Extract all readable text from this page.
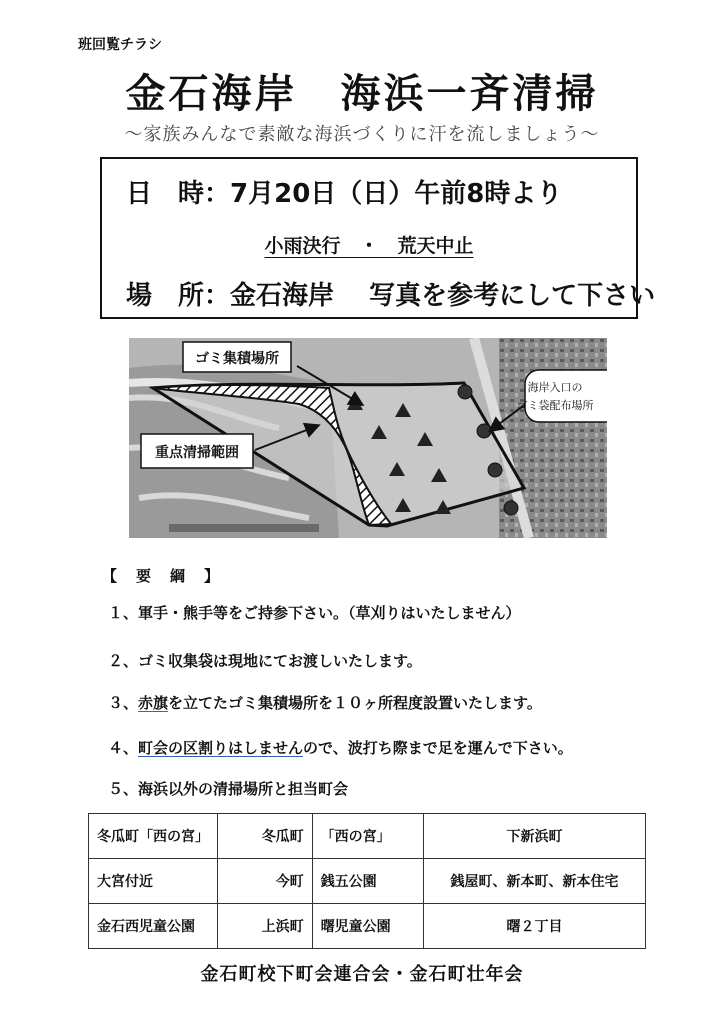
班回覧チラシ
金石海岸　海浜一斉清掃
～家族みんなで素敵な海浜づくりに汗を流しましょう～
日　時：7月20日（日）午前8時より
小雨決行　・　荒天中止
場　所：金石海岸　 写真を参考にして下さい
ゴミ集積場所
重点清掃範囲
海岸入口の
ゴミ袋配布場所
【　要　綱　】
１、軍手・熊手等をご持参下さい。（草刈りはいたしません）
２、ゴミ収集袋は現地にてお渡しいたします。
３、赤旗を立てたゴミ集積場所を１０ヶ所程度設置いたします。
４、町会の区割りはしませんので、波打ち際まで足を運んで下さい。
５、海浜以外の清掃場所と担当町会
冬瓜町「西の宮」	冬瓜町	「西の宮」	下新浜町
大宮付近	今町	銭五公園	銭屋町、新本町、新本住宅
金石西児童公園	上浜町	曙児童公園	曙２丁目
金石町校下町会連合会・金石町壮年会
